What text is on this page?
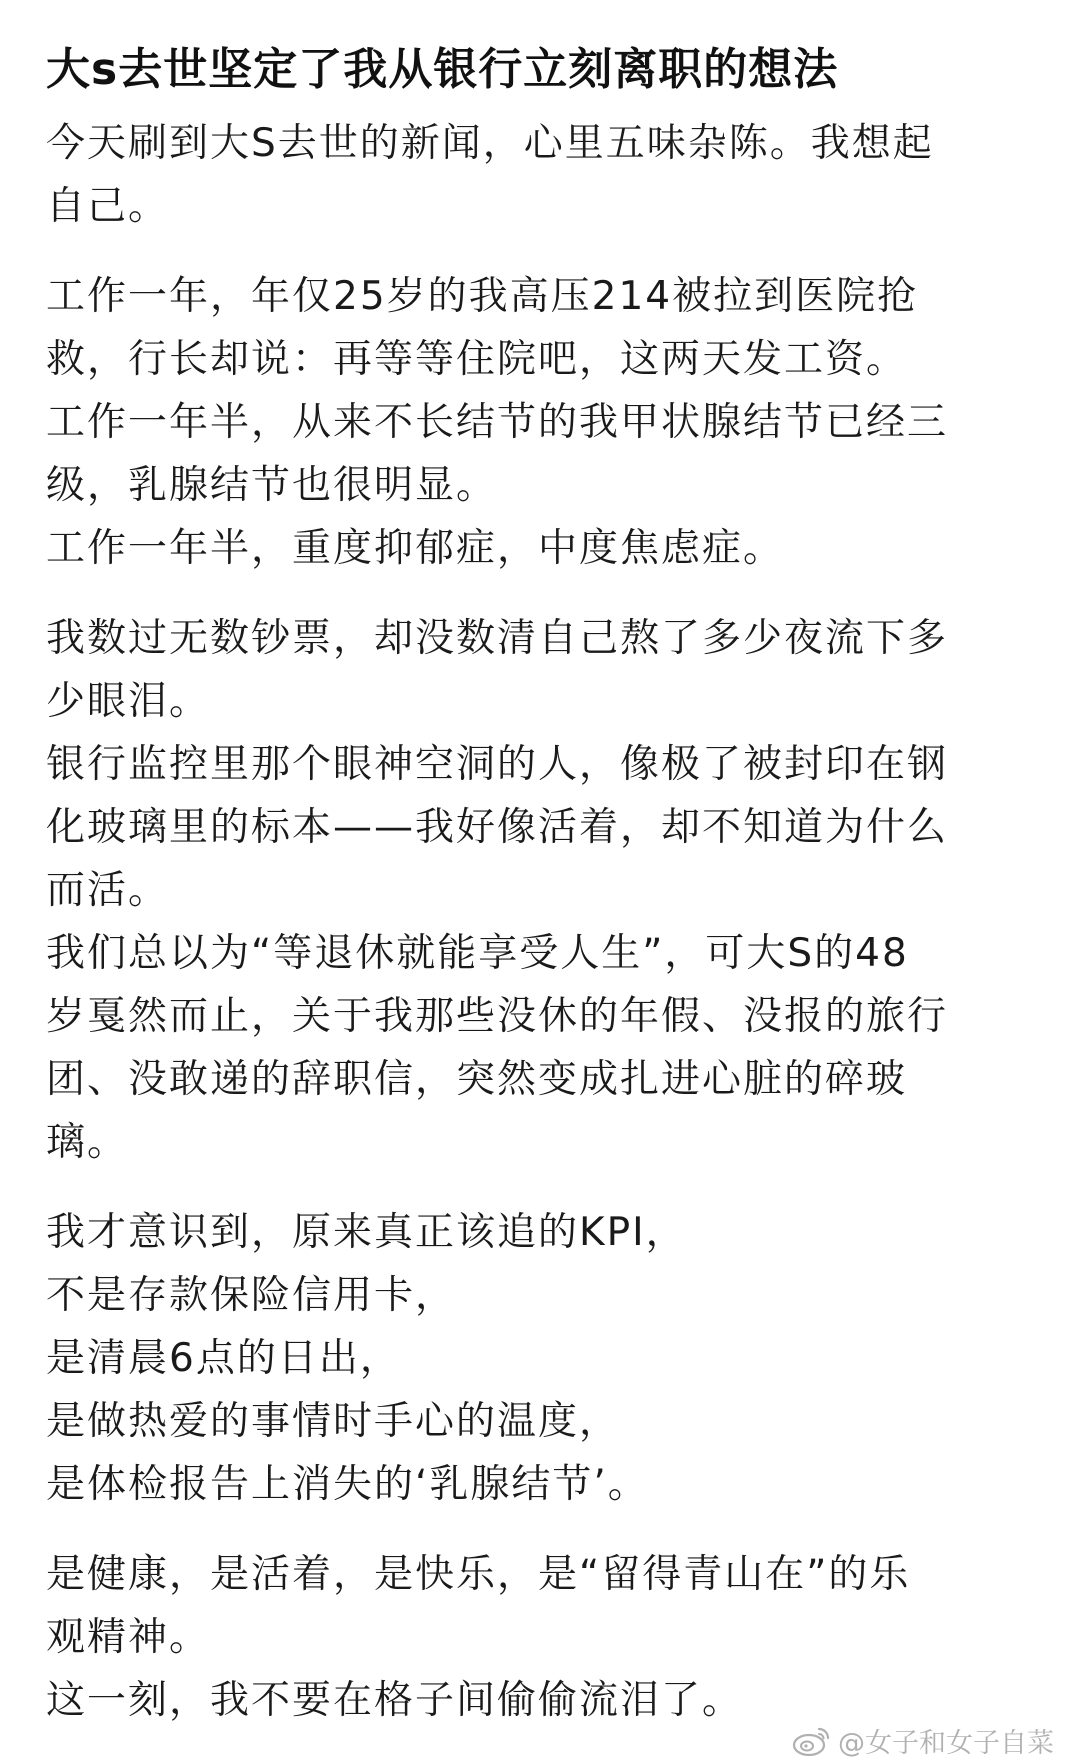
大s去世坚定了我从银行立刻离职的想法

今天刷到大S去世的新闻，心里五味杂陈。我想起
自己。

工作一年，年仅25岁的我高压214被拉到医院抢
救，行长却说：再等等住院吧，这两天发工资。
工作一年半，从来不长结节的我甲状腺结节已经三
级，乳腺结节也很明显。
工作一年半，重度抑郁症，中度焦虑症。

我数过无数钞票，却没数清自己熬了多少夜流下多
少眼泪。
银行监控里那个眼神空洞的人，像极了被封印在钢
化玻璃里的标本——我好像活着，却不知道为什么
而活。
我们总以为“等退休就能享受人生”，可大S的48
岁戛然而止，关于我那些没休的年假、没报的旅行
团、没敢递的辞职信，突然变成扎进心脏的碎玻
璃。

我才意识到，原来真正该追的KPI，
不是存款保险信用卡，
是清晨6点的日出，
是做热爱的事情时手心的温度，
是体检报告上消失的‘乳腺结节’。

是健康，是活着，是快乐，是“留得青山在”的乐
观精神。
这一刻，我不要在格子间偷偷流泪了。

@女子和女子自菜
